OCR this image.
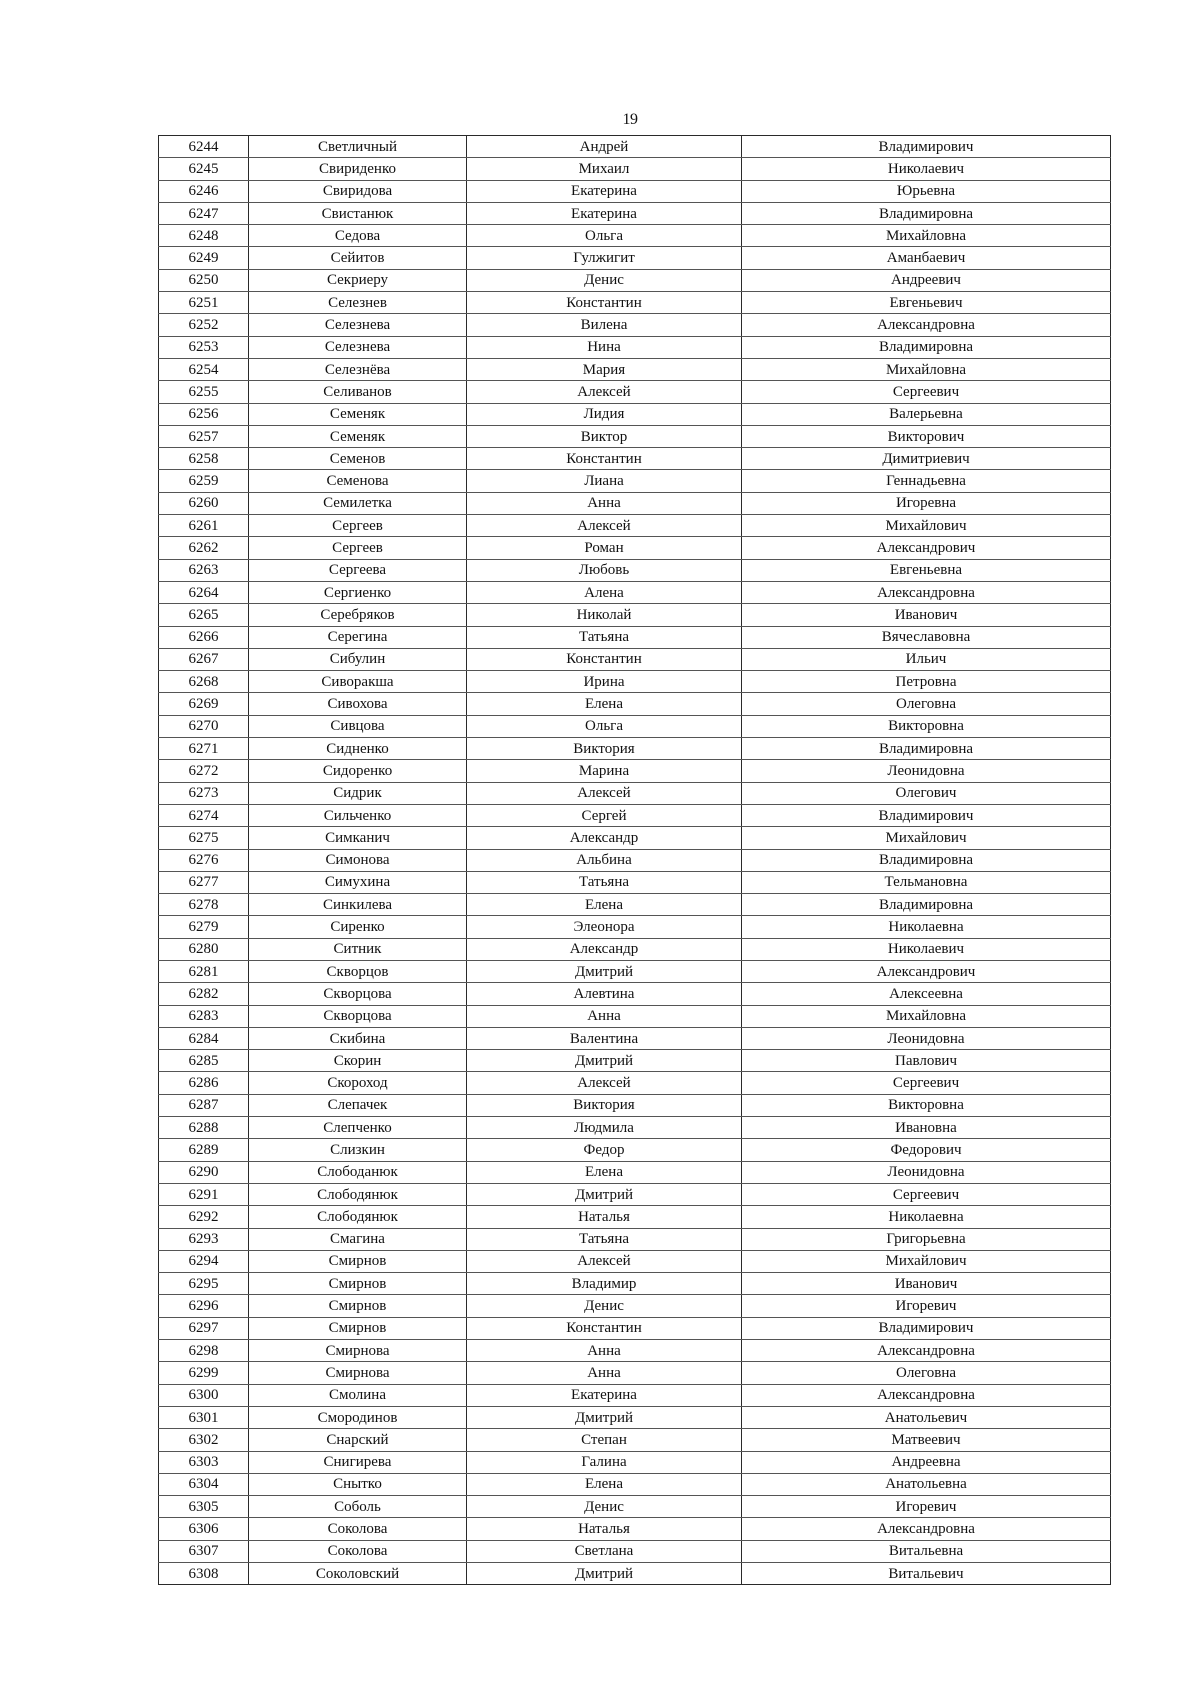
19
6244	Светличный	Андрей	Владимирович
6245	Свириденко	Михаил	Николаевич
6246	Свиридова	Екатерина	Юрьевна
6247	Свистанюк	Екатерина	Владимировна
6248	Седова	Ольга	Михайловна
6249	Сейитов	Гулжигит	Аманбаевич
6250	Секриеру	Денис	Андреевич
6251	Селезнев	Константин	Евгеньевич
6252	Селезнева	Вилена	Александровна
6253	Селезнева	Нина	Владимировна
6254	Селезнёва	Мария	Михайловна
6255	Селиванов	Алексей	Сергеевич
6256	Семеняк	Лидия	Валерьевна
6257	Семеняк	Виктор	Викторович
6258	Семенов	Константин	Димитриевич
6259	Семенова	Лиана	Геннадьевна
6260	Семилетка	Анна	Игоревна
6261	Сергеев	Алексей	Михайлович
6262	Сергеев	Роман	Александрович
6263	Сергеева	Любовь	Евгеньевна
6264	Сергиенко	Алена	Александровна
6265	Серебряков	Николай	Иванович
6266	Серегина	Татьяна	Вячеславовна
6267	Сибулин	Константин	Ильич
6268	Сиворакша	Ирина	Петровна
6269	Сивохова	Елена	Олеговна
6270	Сивцова	Ольга	Викторовна
6271	Сидненко	Виктория	Владимировна
6272	Сидоренко	Марина	Леонидовна
6273	Сидрик	Алексей	Олегович
6274	Сильченко	Сергей	Владимирович
6275	Симканич	Александр	Михайлович
6276	Симонова	Альбина	Владимировна
6277	Симухина	Татьяна	Тельмановна
6278	Синкилева	Елена	Владимировна
6279	Сиренко	Элеонора	Николаевна
6280	Ситник	Александр	Николаевич
6281	Скворцов	Дмитрий	Александрович
6282	Скворцова	Алевтина	Алексеевна
6283	Скворцова	Анна	Михайловна
6284	Скибина	Валентина	Леонидовна
6285	Скорин	Дмитрий	Павлович
6286	Скороход	Алексей	Сергеевич
6287	Слепачек	Виктория	Викторовна
6288	Слепченко	Людмила	Ивановна
6289	Слизкин	Федор	Федорович
6290	Слободанюк	Елена	Леонидовна
6291	Слободянюк	Дмитрий	Сергеевич
6292	Слободянюк	Наталья	Николаевна
6293	Смагина	Татьяна	Григорьевна
6294	Смирнов	Алексей	Михайлович
6295	Смирнов	Владимир	Иванович
6296	Смирнов	Денис	Игоревич
6297	Смирнов	Константин	Владимирович
6298	Смирнова	Анна	Александровна
6299	Смирнова	Анна	Олеговна
6300	Смолина	Екатерина	Александровна
6301	Смородинов	Дмитрий	Анатольевич
6302	Снарский	Степан	Матвеевич
6303	Снигирева	Галина	Андреевна
6304	Снытко	Елена	Анатольевна
6305	Соболь	Денис	Игоревич
6306	Соколова	Наталья	Александровна
6307	Соколова	Светлана	Витальевна
6308	Соколовский	Дмитрий	Витальевич
